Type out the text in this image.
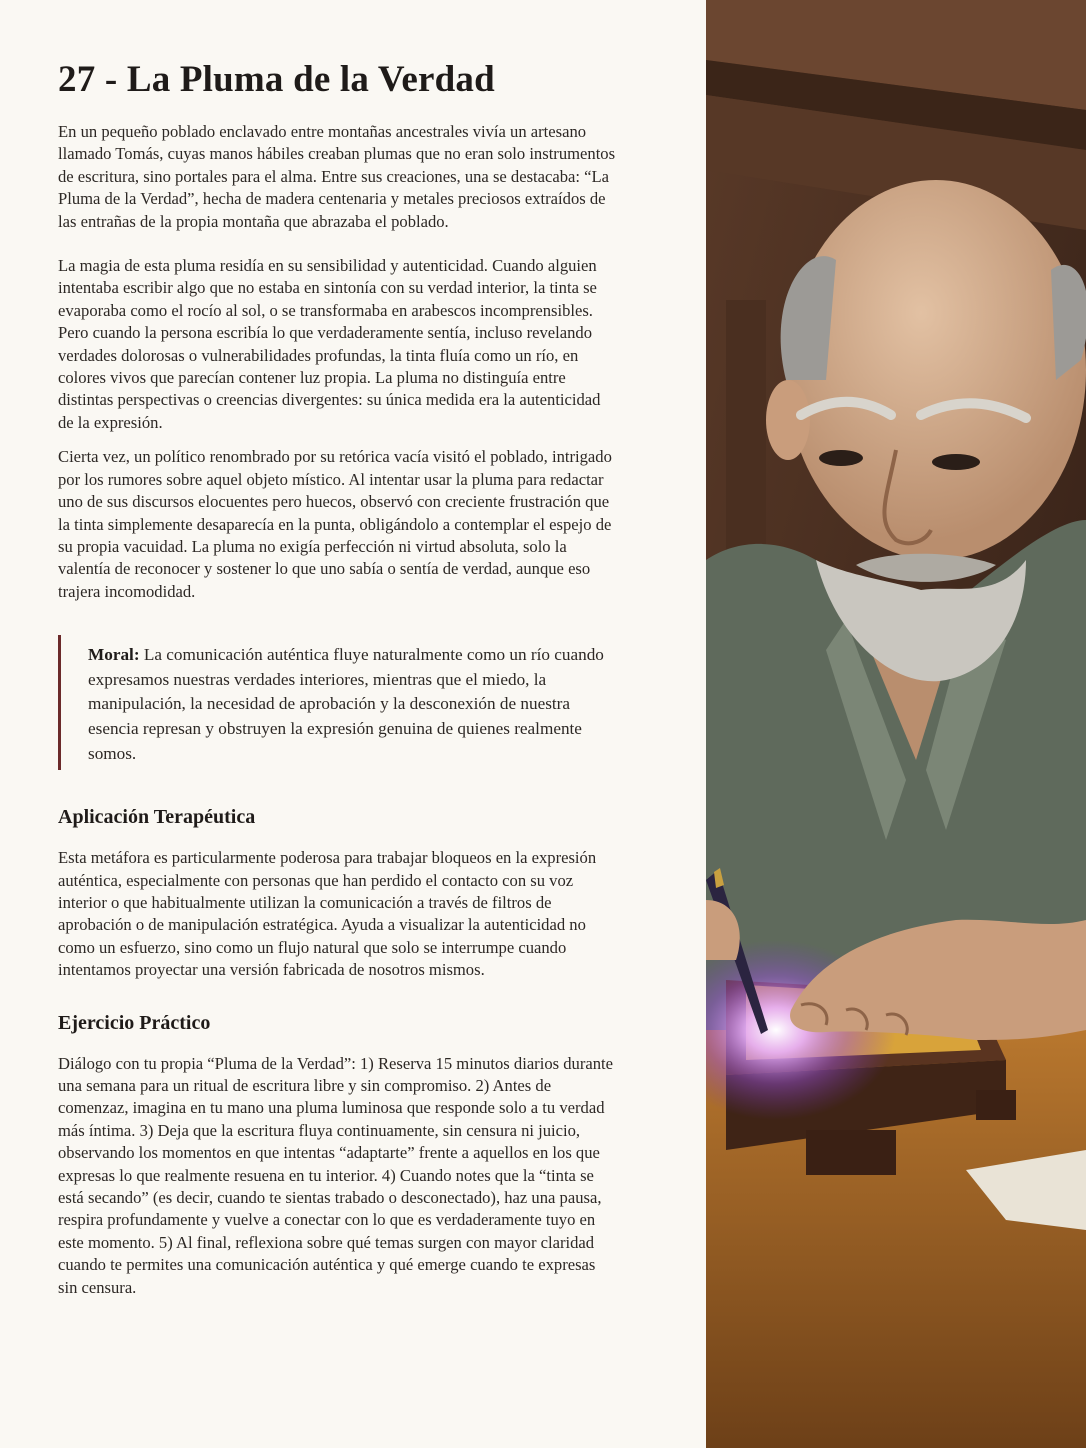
27 - La Pluma de la Verdad

En un pequeño poblado enclavado entre montañas ancestrales vivía un artesano llamado Tomás, cuyas manos hábiles creaban plumas que no eran solo instrumentos de escritura, sino portales para el alma. Entre sus creaciones, una se destacaba: “La Pluma de la Verdad”, hecha de madera centenaria y metales preciosos extraídos de las entrañas de la propia montaña que abrazaba el poblado.

La magia de esta pluma residía en su sensibilidad y autenticidad. Cuando alguien intentaba escribir algo que no estaba en sintonía con su verdad interior, la tinta se evaporaba como el rocío al sol, o se transformaba en arabescos incomprensibles. Pero cuando la persona escribía lo que verdaderamente sentía, incluso revelando verdades dolorosas o vulnerabilidades profundas, la tinta fluía como un río, en colores vivos que parecían contener luz propia. La pluma no distinguía entre distintas perspectivas o creencias divergentes: su única medida era la autenticidad de la expresión.

Cierta vez, un político renombrado por su retórica vacía visitó el poblado, intrigado por los rumores sobre aquel objeto místico. Al intentar usar la pluma para redactar uno de sus discursos elocuentes pero huecos, observó con creciente frustración que la tinta simplemente desaparecía en la punta, obligándolo a contemplar el espejo de su propia vacuidad. La pluma no exigía perfección ni virtud absoluta, solo la valentía de reconocer y sostener lo que uno sabía o sentía de verdad, aunque eso trajera incomodidad.

Moral: La comunicación auténtica fluye naturalmente como un río cuando expresamos nuestras verdades interiores, mientras que el miedo, la manipulación, la necesidad de aprobación y la desconexión de nuestra esencia represan y obstruyen la expresión genuina de quienes realmente somos.
Aplicación Terapéutica

Esta metáfora es particularmente poderosa para trabajar bloqueos en la expresión auténtica, especialmente con personas que han perdido el contacto con su voz interior o que habitualmente utilizan la comunicación a través de filtros de aprobación o de manipulación estratégica. Ayuda a visualizar la autenticidad no como un esfuerzo, sino como un flujo natural que solo se interrumpe cuando intentamos proyectar una versión fabricada de nosotros mismos.

Ejercicio Práctico

Diálogo con tu propia “Pluma de la Verdad”: 1) Reserva 15 minutos diarios durante una semana para un ritual de escritura libre y sin compromiso. 2) Antes de comenzaz, imagina en tu mano una pluma luminosa que responde solo a tu verdad más íntima. 3) Deja que la escritura fluya continuamente, sin censura ni juicio, observando los momentos en que intentas “adaptarte” frente a aquellos en los que expresas lo que realmente resuena en tu interior. 4) Cuando notes que la “tinta se está secando” (es decir, cuando te sientas trabado o desconectado), haz una pausa, respira profundamente y vuelve a conectar con lo que es verdaderamente tuyo en este momento. 5) Al final, reflexiona sobre qué temas surgen con mayor claridad cuando te permites una comunicación auténtica y qué emerge cuando te expresas sin censura.
